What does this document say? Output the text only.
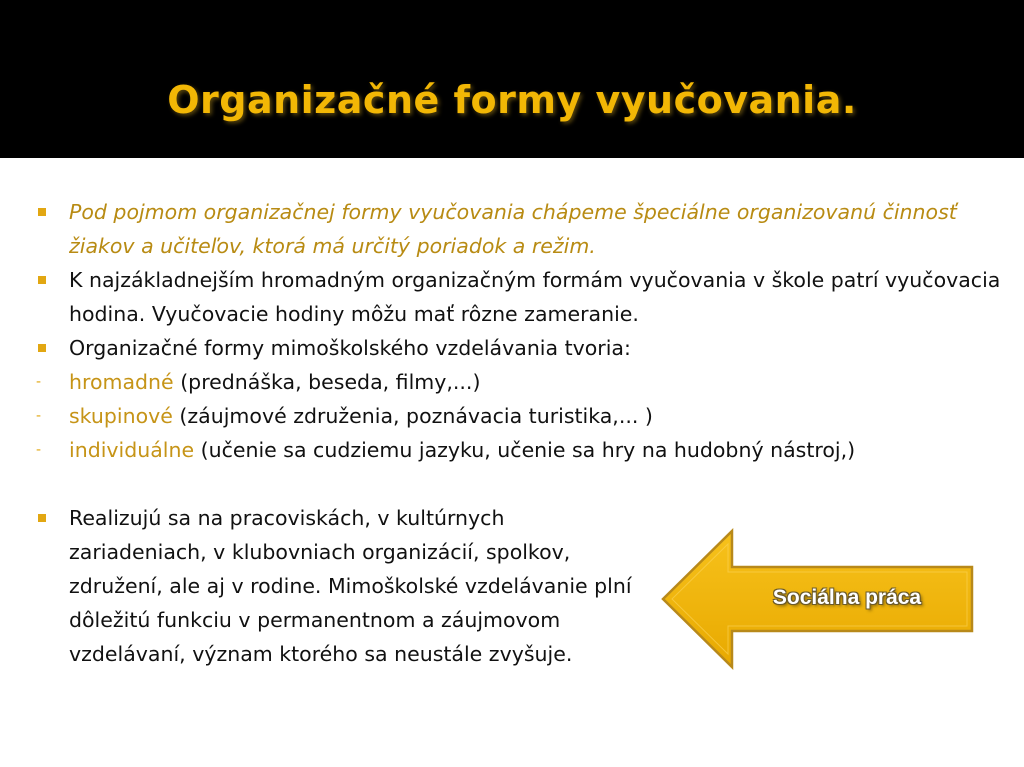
Organizačné formy vyučovania.
Pod pojmom organizačnej formy vyučovania chápeme špeciálne organizovanú činnosť žiakov a učiteľov, ktorá má určitý poriadok a režim.
K najzákladnejším hromadným organizačným formám vyučovania v škole patrí vyučovacia hodina. Vyučovacie hodiny môžu mať rôzne zameranie.
Organizačné formy mimoškolského vzdelávania tvoria:
- hromadné (prednáška, beseda, filmy,...)
- skupinové (záujmové združenia, poznávacia turistika,... )
- individuálne (učenie sa cudziemu jazyku, učenie sa hry na hudobný nástroj,)
Realizujú sa na pracoviskách, v kultúrnych zariadeniach, v klubovniach organizácií, spolkov, združení, ale aj v rodine. Mimoškolské vzdelávanie plní dôležitú funkciu v permanentnom a záujmovom vzdelávaní, význam ktorého sa neustále zvyšuje.
Sociálna práca
